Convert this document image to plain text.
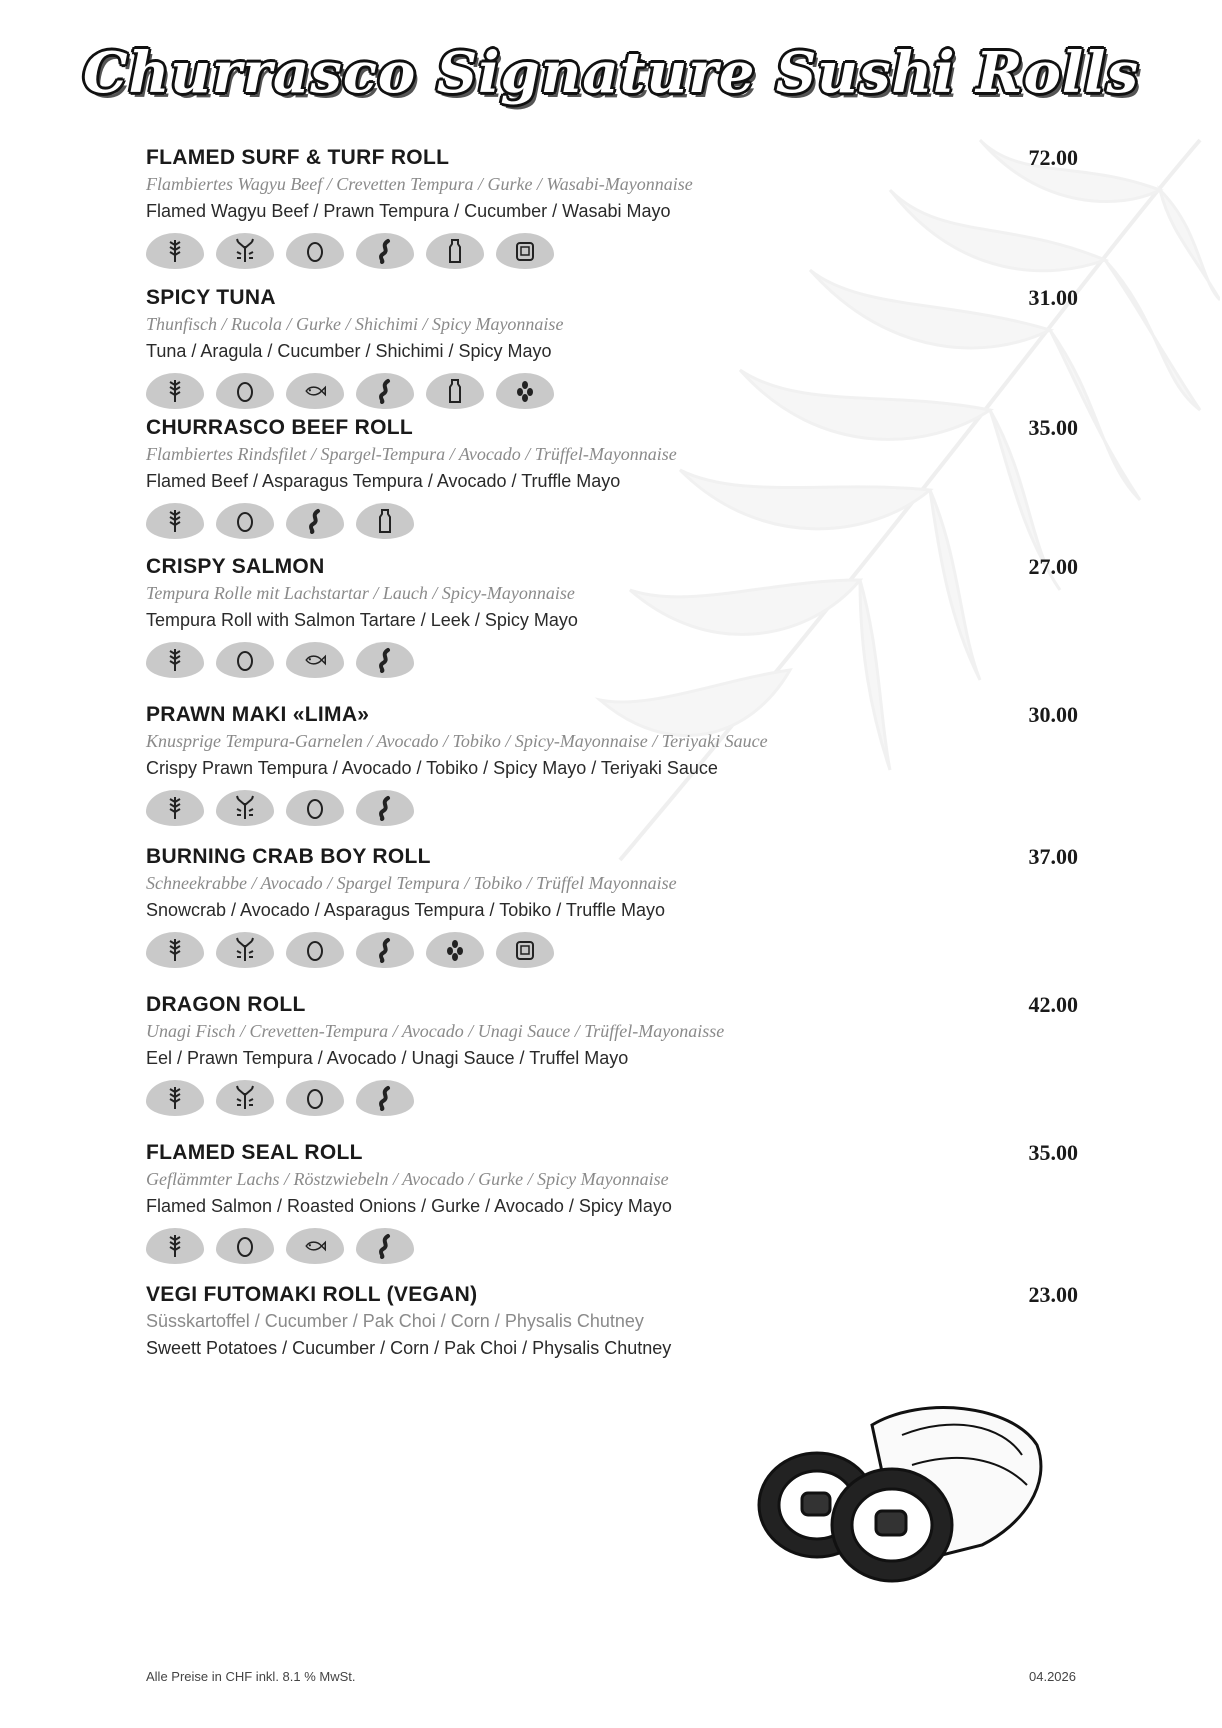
Churrasco Signature Sushi Rolls
FLAMED SURF & TURF ROLL	72.00
Flambiertes Wagyu Beef / Crevetten Tempura / Gurke / Wasabi-Mayonnaise
Flamed Wagyu Beef / Prawn Tempura / Cucumber / Wasabi Mayo
SPICY TUNA	31.00
Thunfisch / Rucola / Gurke / Shichimi / Spicy Mayonnaise
Tuna / Aragula / Cucumber / Shichimi / Spicy Mayo
CHURRASCO BEEF ROLL	35.00
Flambiertes Rindsfilet / Spargel-Tempura / Avocado / Trüffel-Mayonnaise
Flamed Beef / Asparagus Tempura / Avocado / Truffle Mayo
CRISPY SALMON	27.00
Tempura Rolle mit Lachstartar / Lauch / Spicy-Mayonnaise
Tempura Roll with Salmon Tartare / Leek / Spicy Mayo
PRAWN MAKI «LIMA»	30.00
Knusprige Tempura-Garnelen / Avocado / Tobiko / Spicy-Mayonnaise / Teriyaki Sauce
Crispy Prawn Tempura / Avocado / Tobiko / Spicy Mayo / Teriyaki Sauce
BURNING CRAB BOY ROLL	37.00
Schneekrabbe / Avocado / Spargel Tempura / Tobiko / Trüffel Mayonnaise
Snowcrab / Avocado / Asparagus Tempura / Tobiko / Truffle Mayo
DRAGON ROLL	42.00
Unagi Fisch / Crevetten-Tempura / Avocado / Unagi Sauce / Trüffel-Mayonaisse
Eel / Prawn Tempura / Avocado / Unagi Sauce / Truffel Mayo
FLAMED SEAL ROLL	35.00
Geflämmter Lachs / Röstzwiebeln / Avocado / Gurke / Spicy Mayonnaise
Flamed Salmon / Roasted Onions / Gurke / Avocado / Spicy Mayo
VEGI FUTOMAKI ROLL (VEGAN)	23.00
Süsskartoffel / Cucumber / Pak Choi / Corn / Physalis Chutney
Sweett Potatoes / Cucumber / Corn / Pak Choi / Physalis Chutney
Alle Preise in CHF inkl. 8.1 % MwSt.	04.2026
